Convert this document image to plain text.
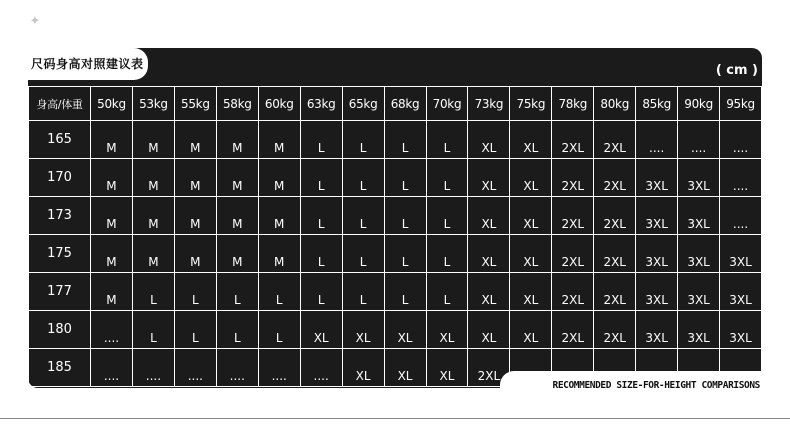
✦
尺码身高对照建议表	( cm )
身高/体重	50kg	53kg	55kg	58kg	60kg	63kg	65kg	68kg	70kg	73kg	75kg	78kg	80kg	85kg	90kg	95kg
165	M	M	M	M	M	L	L	L	L	XL	XL	2XL	2XL	....	....	....
170	M	M	M	M	M	L	L	L	L	XL	XL	2XL	2XL	3XL	3XL	....
173	M	M	M	M	M	L	L	L	L	XL	XL	2XL	2XL	3XL	3XL	....
175	M	M	M	M	M	L	L	L	L	XL	XL	2XL	2XL	3XL	3XL	3XL
177	M	L	L	L	L	L	L	L	L	XL	XL	2XL	2XL	3XL	3XL	3XL
180	....	L	L	L	L	XL	XL	XL	XL	XL	XL	2XL	2XL	3XL	3XL	3XL
185	....	....	....	....	....	....	XL	XL	XL	2XL						
RECOMMENDED SIZE-FOR-HEIGHT COMPARISONS
